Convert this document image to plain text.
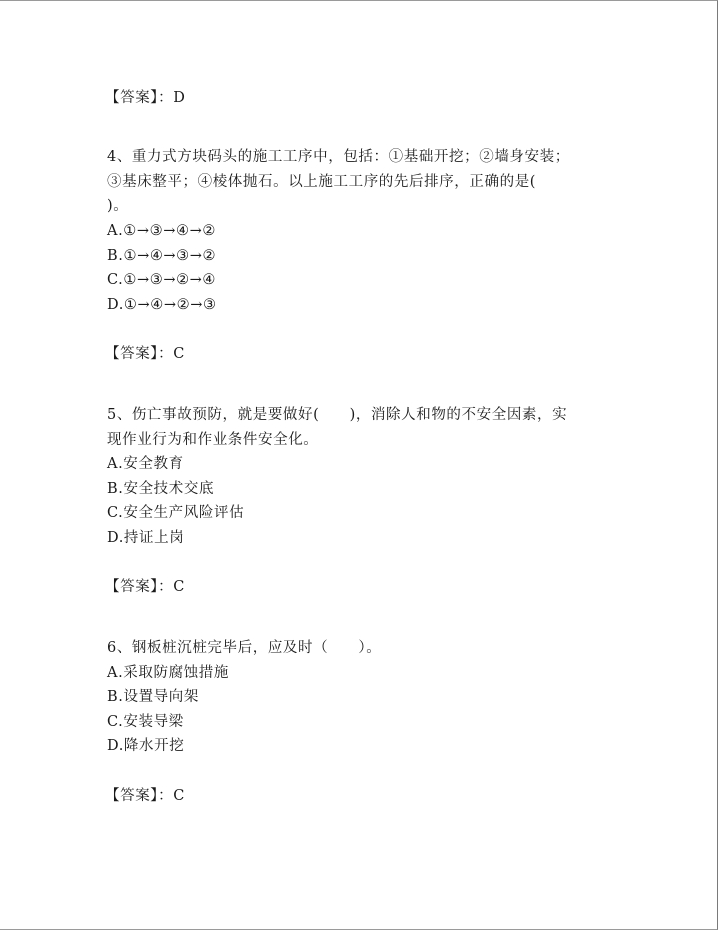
【答案】：D
4、重力式方块码头的施工工序中，包括：①基础开挖；②墙身安装；
③基床整平；④棱体抛石。以上施工工序的先后排序，正确的是(
)。
A.①→③→④→②
B.①→④→③→②
C.①→③→②→④
D.①→④→②→③
【答案】：C
5、伤亡事故预防，就是要做好(　　)，消除人和物的不安全因素，实
现作业行为和作业条件安全化。
A.安全教育
B.安全技术交底
C.安全生产风险评估
D.持证上岗
【答案】：C
6、钢板桩沉桩完毕后，应及时（　　）。
A.采取防腐蚀措施
B.设置导向架
C.安装导梁
D.降水开挖
【答案】：C
